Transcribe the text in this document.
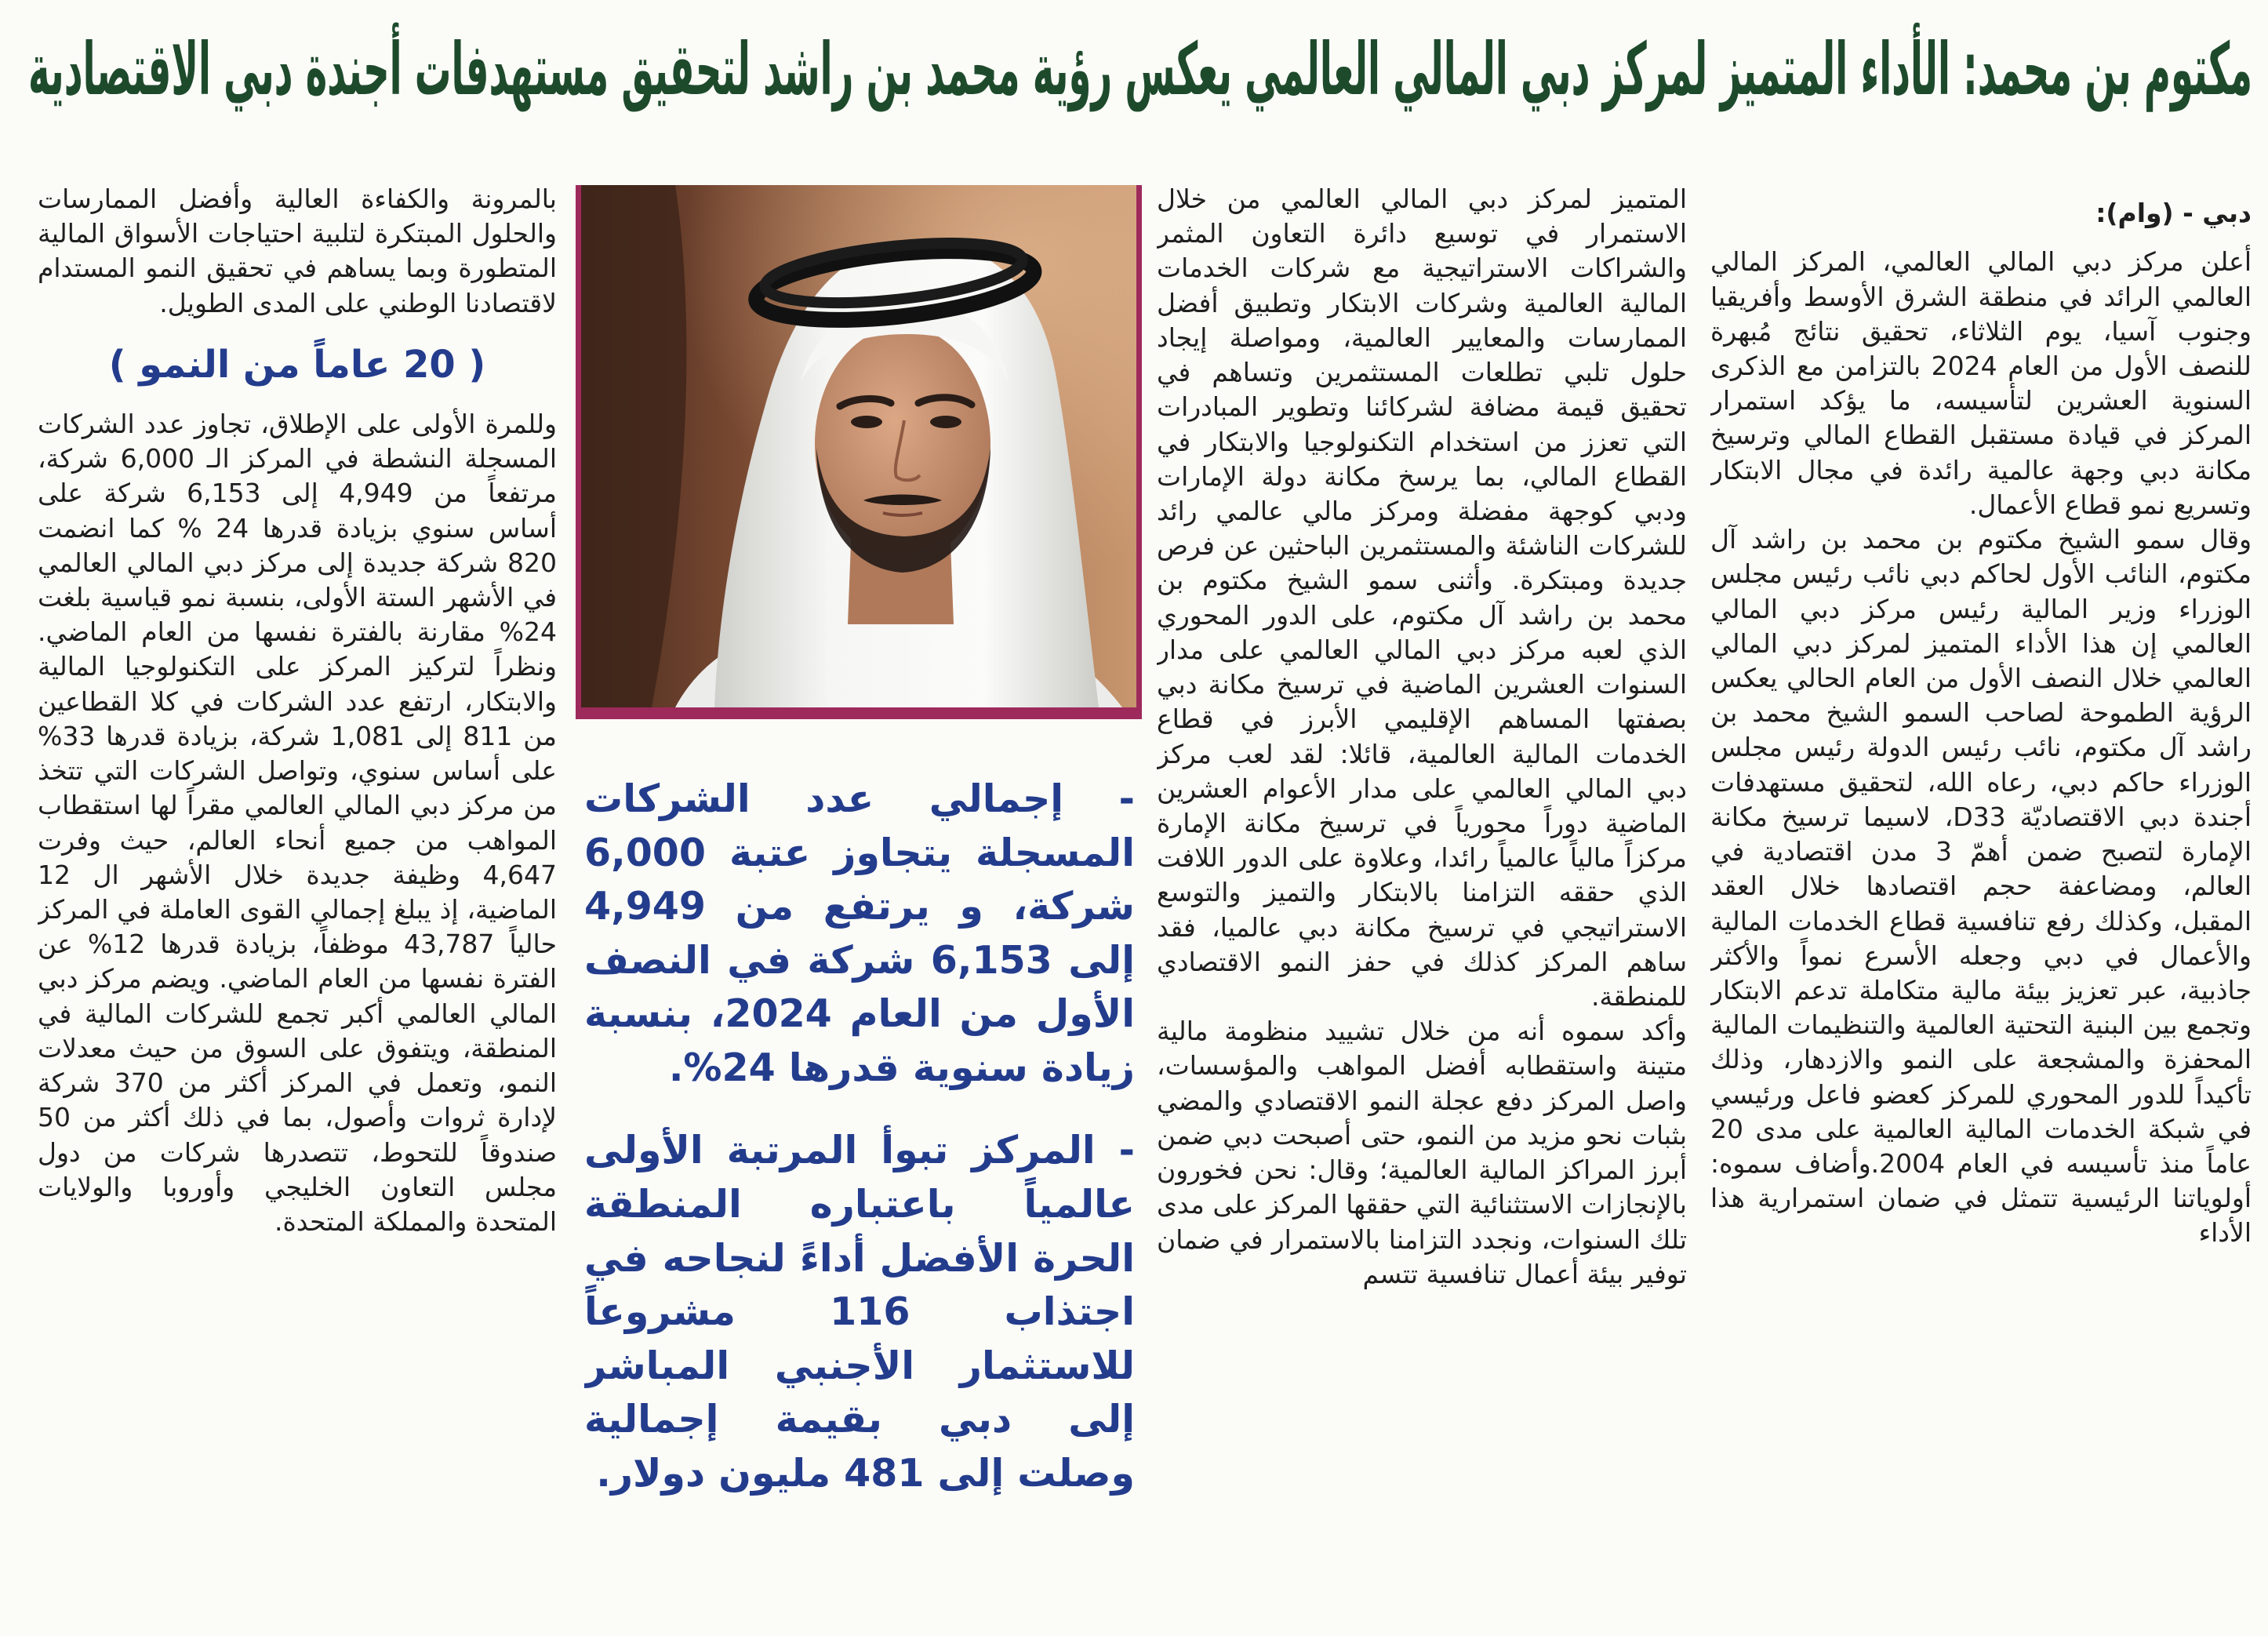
مكتوم بن محمد: الأداء المتميز لمركز دبي المالي العالمي يعكس رؤية محمد بن راشد لتحقيق مستهدفات أجندة دبي الاقتصادية

دبي - (وام):

أعلن مركز دبي المالي العالمي، المركز المالي العالمي الرائد في منطقة الشرق الأوسط وأفريقيا وجنوب آسيا، يوم الثلاثاء، تحقيق نتائج مُبهرة للنصف الأول من العام 2024 بالتزامن مع الذكرى السنوية العشرين لتأسيسه، ما يؤكد استمرار المركز في قيادة مستقبل القطاع المالي وترسيخ مكانة دبي وجهة عالمية رائدة في مجال الابتكار وتسريع نمو قطاع الأعمال.

وقال سمو الشيخ مكتوم بن محمد بن راشد آل مكتوم، النائب الأول لحاكم دبي نائب رئيس مجلس الوزراء وزير المالية رئيس مركز دبي المالي العالمي إن هذا الأداء المتميز لمركز دبي المالي العالمي خلال النصف الأول من العام الحالي يعكس الرؤية الطموحة لصاحب السمو الشيخ محمد بن راشد آل مكتوم، نائب رئيس الدولة رئيس مجلس الوزراء حاكم دبي، رعاه الله، لتحقيق مستهدفات أجندة دبي الاقتصاديّة D33، لاسيما ترسيخ مكانة الإمارة لتصبح ضمن أهمّ 3 مدن اقتصادية في العالم، ومضاعفة حجم اقتصادها خلال العقد المقبل، وكذلك رفع تنافسية قطاع الخدمات المالية والأعمال في دبي وجعله الأسرع نمواً والأكثر جاذبية، عبر تعزيز بيئة مالية متكاملة تدعم الابتكار وتجمع بين البنية التحتية العالمية والتنظيمات المالية المحفزة والمشجعة على النمو والازدهار، وذلك تأكيداً للدور المحوري للمركز كعضو فاعل ورئيسي في شبكة الخدمات المالية العالمية على مدى 20 عاماً منذ تأسيسه في العام 2004.وأضاف سموه: أولوياتنا الرئيسية تتمثل في ضمان استمرارية هذا الأداء

المتميز لمركز دبي المالي العالمي من خلال الاستمرار في توسيع دائرة التعاون المثمر والشراكات الاستراتيجية مع شركات الخدمات المالية العالمية وشركات الابتكار وتطبيق أفضل الممارسات والمعايير العالمية، ومواصلة إيجاد حلول تلبي تطلعات المستثمرين وتساهم في تحقيق قيمة مضافة لشركائنا وتطوير المبادرات التي تعزز من استخدام التكنولوجيا والابتكار في القطاع المالي، بما يرسخ مكانة دولة الإمارات ودبي كوجهة مفضلة ومركز مالي عالمي رائد للشركات الناشئة والمستثمرين الباحثين عن فرص جديدة ومبتكرة. وأثنى سمو الشيخ مكتوم بن محمد بن راشد آل مكتوم، على الدور المحوري الذي لعبه مركز دبي المالي العالمي على مدار السنوات العشرين الماضية في ترسيخ مكانة دبي بصفتها المساهم الإقليمي الأبرز في قطاع الخدمات المالية العالمية، قائلا: لقد لعب مركز دبي المالي العالمي على مدار الأعوام العشرين الماضية دوراً محورياً في ترسيخ مكانة الإمارة مركزاً مالياً عالمياً رائدا، وعلاوة على الدور اللافت الذي حققه التزامنا بالابتكار والتميز والتوسع الاستراتيجي في ترسيخ مكانة دبي عالميا، فقد ساهم المركز كذلك في حفز النمو الاقتصادي للمنطقة.

وأكد سموه أنه من خلال تشييد منظومة مالية متينة واستقطابه أفضل المواهب والمؤسسات، واصل المركز دفع عجلة النمو الاقتصادي والمضي بثبات نحو مزيد من النمو، حتى أصبحت دبي ضمن أبرز المراكز المالية العالمية؛ وقال: نحن فخورون بالإنجازات الاستثنائية التي حققها المركز على مدى تلك السنوات، ونجدد التزامنا بالاستمرار في ضمان توفير بيئة أعمال تنافسية تتسم

- إجمالي عدد الشركات المسجلة يتجاوز عتبة 6,000 شركة، و يرتفع من 4,949 إلى 6,153 شركة في النصف الأول من العام 2024، بنسبة زيادة سنوية قدرها 24%.

- المركز تبوأ المرتبة الأولى عالمياً باعتباره المنطقة الحرة الأفضل أداءً لنجاحه في اجتذاب 116 مشروعاً للاستثمار الأجنبي المباشر إلى دبي بقيمة إجمالية وصلت إلى 481 مليون دولار.

بالمرونة والكفاءة العالية وأفضل الممارسات والحلول المبتكرة لتلبية احتياجات الأسواق المالية المتطورة وبما يساهم في تحقيق النمو المستدام لاقتصادنا الوطني على المدى الطويل.

( 20 عاماً من النمو )

وللمرة الأولى على الإطلاق، تجاوز عدد الشركات المسجلة النشطة في المركز الـ 6,000 شركة، مرتفعاً من 4,949 إلى 6,153 شركة على أساس سنوي بزيادة قدرها 24 % كما انضمت 820 شركة جديدة إلى مركز دبي المالي العالمي في الأشهر الستة الأولى، بنسبة نمو قياسية بلغت 24% مقارنة بالفترة نفسها من العام الماضي. ونظراً لتركيز المركز على التكنولوجيا المالية والابتكار، ارتفع عدد الشركات في كلا القطاعين من 811 إلى 1,081 شركة، بزيادة قدرها 33% على أساس سنوي، وتواصل الشركات التي تتخذ من مركز دبي المالي العالمي مقراً لها استقطاب المواهب من جميع أنحاء العالم، حيث وفرت 4,647 وظيفة جديدة خلال الأشهر ال 12 الماضية، إذ يبلغ إجمالي القوى العاملة في المركز حالياً 43,787 موظفاً، بزيادة قدرها 12% عن الفترة نفسها من العام الماضي. ويضم مركز دبي المالي العالمي أكبر تجمع للشركات المالية في المنطقة، ويتفوق على السوق من حيث معدلات النمو، وتعمل في المركز أكثر من 370 شركة لإدارة ثروات وأصول، بما في ذلك أكثر من 50 صندوقاً للتحوط، تتصدرها شركات من دول مجلس التعاون الخليجي وأوروبا والولايات المتحدة والمملكة المتحدة.
